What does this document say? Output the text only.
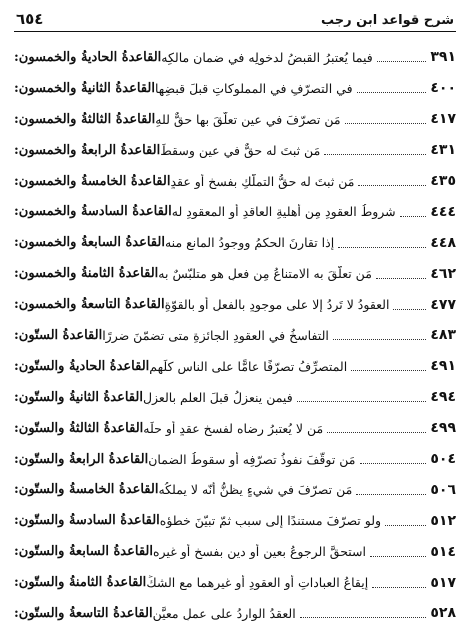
٦٥٤	شرح قواعد ابن رجب
القاعدةُ الحاديةُ والخمسون: فيما يُعتبرُ القبضُ لدخولِه في ضمانِ مالكِه	٣٩١
القاعدةُ الثانيةُ والخمسون: في التصرّفِ في المملوكاتِ قبلَ قبضِها	٤٠٠
القاعدةُ الثالثةُ والخمسون: مَن تصرّفَ في عينٍ تعلّقَ بها حقٌّ للهِ	٤١٧
القاعدةُ الرابعةُ والخمسون: مَن ثبتَ له حقٌّ في عينٍ وسقطَ	٤٣١
القاعدةُ الخامسةُ والخمسون: مَن ثبتَ له حقُّ التملّكِ بفسخٍ أو عقدٍ	٤٣٥
القاعدةُ السادسةُ والخمسون: شروطُ العقودِ مِن أهليةِ العاقدِ أو المعقودِ له ٤٤٤
القاعدةُ السابعةُ والخمسون: إذا تقارنَ الحكمُ ووجودُ المانعِ منه	٤٤٨
القاعدةُ الثامنةُ والخمسون: مَن تعلّقَ به الامتناعُ مِن فعلٍ هو متلبّسٌ به	٤٦٢
القاعدةُ التاسعةُ والخمسون: العقودُ لا تَرِدُ إلا على موجودٍ بالفعلِ أو بالقوّةِ	٤٧٧
القاعدةُ الستّون: التفاسخُ في العقودِ الجائزةِ متى تضمّنَ ضررًا	٤٨٣
القاعدةُ الحاديةُ والستّون: المتصرِّفُ تصرّفًا عامًّا على الناسِ كلِّهم	٤٩١
القاعدةُ الثانيةُ والستّون: فيمن ينعزلُ قبلَ العلمِ بالعزلِ	٤٩٤
القاعدةُ الثالثةُ والستّون: مَن لا يُعتبرُ رضاه لفسخِ عقدٍ أو حلِّه	٤٩٩
القاعدةُ الرابعةُ والستّون: مَن توقّفَ نفوذُ تصرّفِه أو سقوطُ الضمانِ	٥٠٤
القاعدةُ الخامسةُ والستّون: مَن تصرّفَ في شيءٍ يظنُّ أنّه لا يملكُه	٥٠٦
القاعدةُ السادسةُ والستّون: ولو تصرّفَ مستندًا إلى سببٍ ثمّ تبيّنَ خطؤه	٥١٢
القاعدةُ السابعةُ والستّون: استحقَّ الرجوعُ بعينٍ أو دينٍ بفسخٍ أو غيرِه	٥١٤
القاعدةُ الثامنةُ والستّون: إيقاعُ العباداتِ أو العقودِ أو غيرِهما مع الشكِّ	٥١٧
القاعدةُ التاسعةُ والستّون: العقدُ الواردُ على عملٍ معيَّنٍ	٥٢٨
